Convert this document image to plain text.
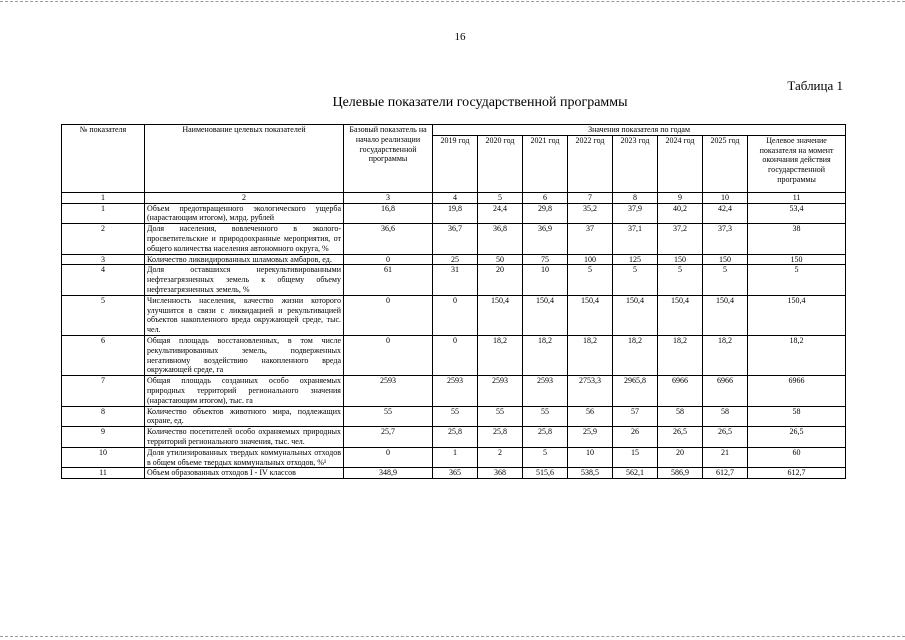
16
Таблица 1
Целевые показатели государственной программы
№ показателя	Наименование целевых показателей	Базовый показатель на начало реализации государственной программы	Значения показателя по годам							
			2019 год	2020 год	2021 год	2022 год	2023 год	2024 год	2025 год	Целевое значение показателя на момент окончания действия государственной программы
1	2	3	4	5	6	7	8	9	10	11
1	Объем предотвращенного экологического ущерба (нарастающим итогом), млрд. рублей	16,8	19,8	24,4	29,8	35,2	37,9	40,2	42,4	53,4
2	Доля населения, вовлеченного в эколого-просветительские и природоохранные мероприятия, от общего количества населения автономного округа, %	36,6	36,7	36,8	36,9	37	37,1	37,2	37,3	38
3	Количество ликвидированных шламовых амбаров, ед.	0	25	50	75	100	125	150	150	150
4	Доля оставшихся нерекультивированными нефтезагрязненных земель к общему объему нефтезагрязненных земель, %	61	31	20	10	5	5	5	5	5
5	Численность населения, качество жизни которого улучшится в связи с ликвидацией и рекультивацией объектов накопленного вреда окружающей среде, тыс. чел.	0	0	150,4	150,4	150,4	150,4	150,4	150,4	150,4
6	Общая площадь восстановленных, в том числе рекультивированных земель, подверженных негативному воздействию накопленного вреда окружающей среде, га	0	0	18,2	18,2	18,2	18,2	18,2	18,2	18,2
7	Общая площадь созданных особо охраняемых природных территорий регионального значения (нарастающим итогом), тыс. га	2593	2593	2593	2593	2753,3	2965,8	6966	6966	6966
8	Количество объектов животного мира, подлежащих охране, ед.	55	55	55	55	56	57	58	58	58
9	Количество посетителей особо охраняемых природных территорий регионального значения, тыс. чел.	25,7	25,8	25,8	25,8	25,9	26	26,5	26,5	26,5
10	Доля утилизированных твердых коммунальных отходов в общем объеме твердых коммунальных отходов, %¹	0	1	2	5	10	15	20	21	60
11	Объем образованных отходов I - IV классов	348,9	365	368	515,6	538,5	562,1	586,9	612,7	612,7
